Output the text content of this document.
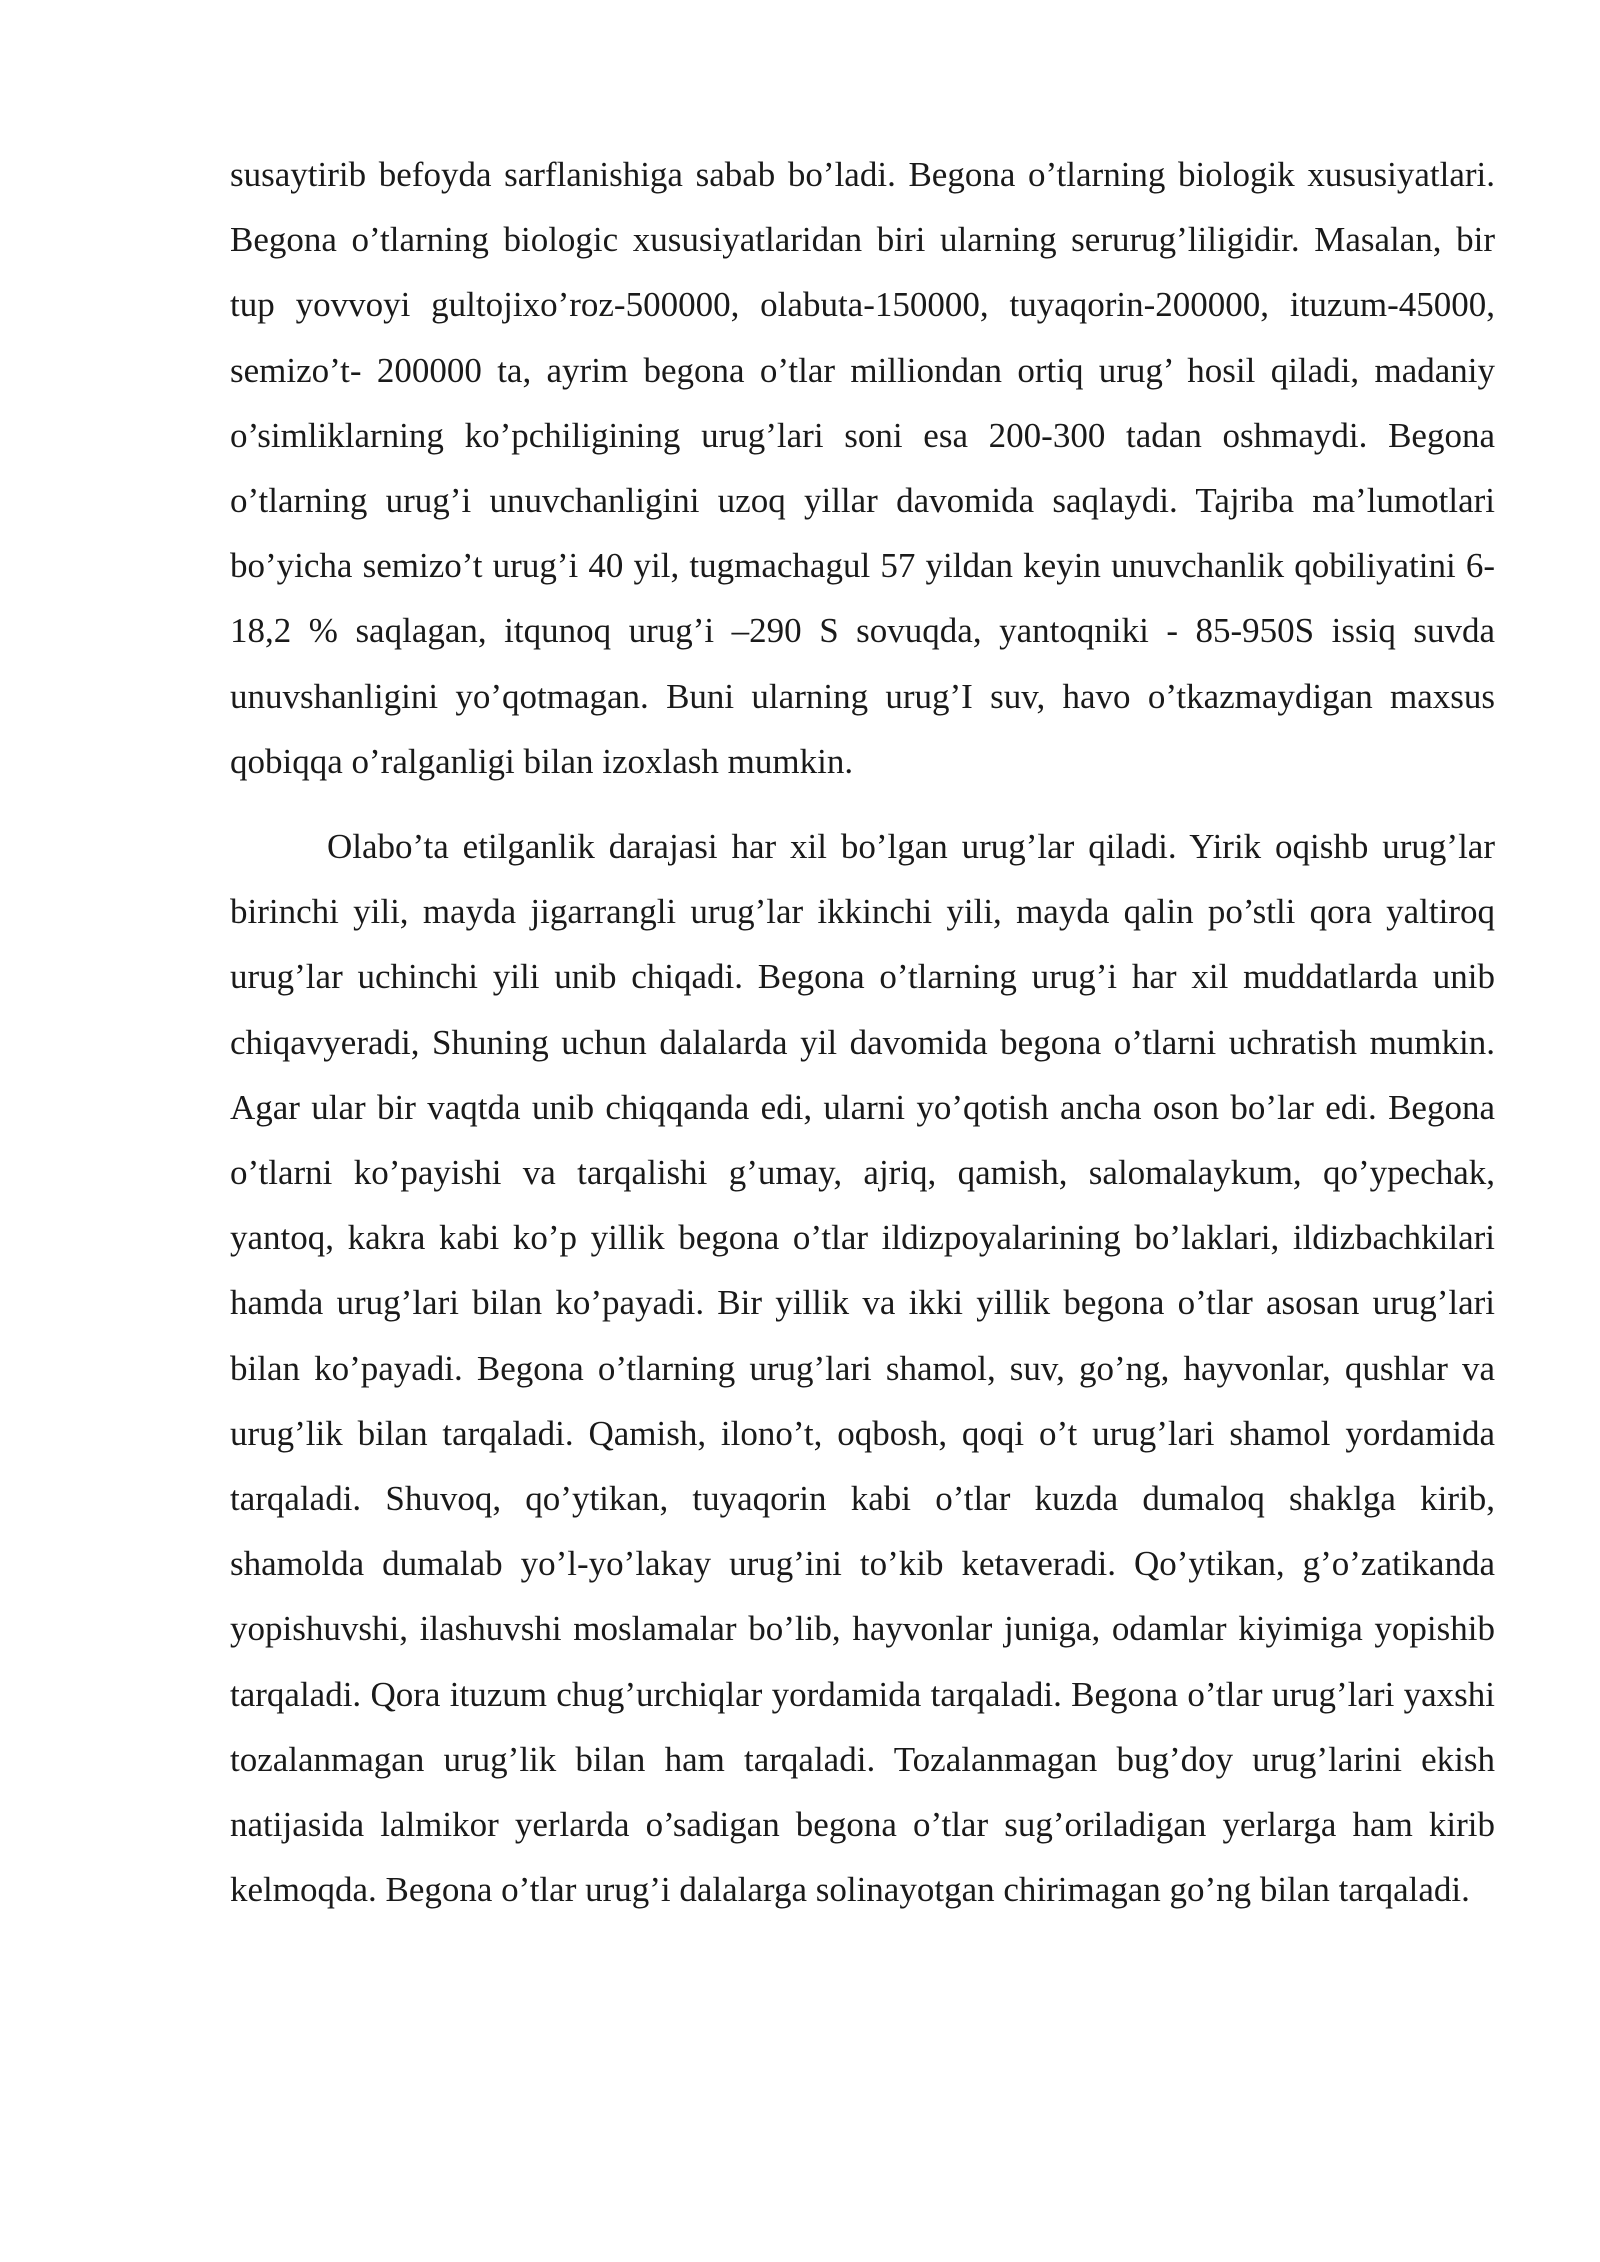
susaytirib befoyda sarflanishiga sabab bo’ladi. Begona o’tlarning biologik xususiyatlari. Begona o’tlarning biologic xususiyatlaridan biri ularning serurug’liligidir. Masalan, bir tup yovvoyi gultojixo’roz-500000, olabuta-150000, tuyaqorin-200000, ituzum-45000, semizo’t- 200000 ta, ayrim begona o’tlar milliondan ortiq urug’ hosil qiladi, madaniy o’simliklarning ko’pchiligining urug’lari soni esa 200-300 tadan oshmaydi. Begona o’tlarning urug’i unuvchanligini uzoq yillar davomida saqlaydi. Tajriba ma’lumotlari bo’yicha semizo’t urug’i 40 yil, tugmachagul 57 yildan keyin unuvchanlik qobiliyatini 6-18,2 % saqlagan, itqunoq urug’i –290 S sovuqda, yantoqniki - 85-950S issiq suvda unuvshanligini yo’qotmagan. Buni ularning urug’I suv, havo o’tkazmaydigan maxsus qobiqqa o’ralganligi bilan izoxlash mumkin.

Olabo’ta etilganlik darajasi har xil bo’lgan urug’lar qiladi. Yirik oqishb urug’lar birinchi yili, mayda jigarrangli urug’lar ikkinchi yili, mayda qalin po’stli qora yaltiroq urug’lar uchinchi yili unib chiqadi. Begona o’tlarning urug’i har xil muddatlarda unib chiqavyeradi, Shuning uchun dalalarda yil davomida begona o’tlarni uchratish mumkin. Agar ular bir vaqtda unib chiqqanda edi, ularni yo’qotish ancha oson bo’lar edi. Begona o’tlarni ko’payishi va tarqalishi g’umay, ajriq, qamish, salomalaykum, qo’ypechak, yantoq, kakra kabi ko’p yillik begona o’tlar ildizpoyalarining bo’laklari, ildizbachkilari hamda urug’lari bilan ko’payadi. Bir yillik va ikki yillik begona o’tlar asosan urug’lari bilan ko’payadi. Begona o’tlarning urug’lari shamol, suv, go’ng, hayvonlar, qushlar va urug’lik bilan tarqaladi. Qamish, ilono’t, oqbosh, qoqi o’t urug’lari shamol yordamida tarqaladi. Shuvoq, qo’ytikan, tuyaqorin kabi o’tlar kuzda dumaloq shaklga kirib, shamolda dumalab yo’l-yo’lakay urug’ini to’kib ketaveradi. Qo’ytikan, g’o’zatikanda yopishuvshi, ilashuvshi moslamalar bo’lib, hayvonlar juniga, odamlar kiyimiga yopishib tarqaladi. Qora ituzum chug’urchiqlar yordamida tarqaladi. Begona o’tlar urug’lari yaxshi tozalanmagan urug’lik bilan ham tarqaladi. Tozalanmagan bug’doy urug’larini ekish natijasida lalmikor yerlarda o’sadigan begona o’tlar sug’oriladigan yerlarga ham kirib kelmoqda. Begona o’tlar urug’i dalalarga solinayotgan chirimagan go’ng bilan tarqaladi.
